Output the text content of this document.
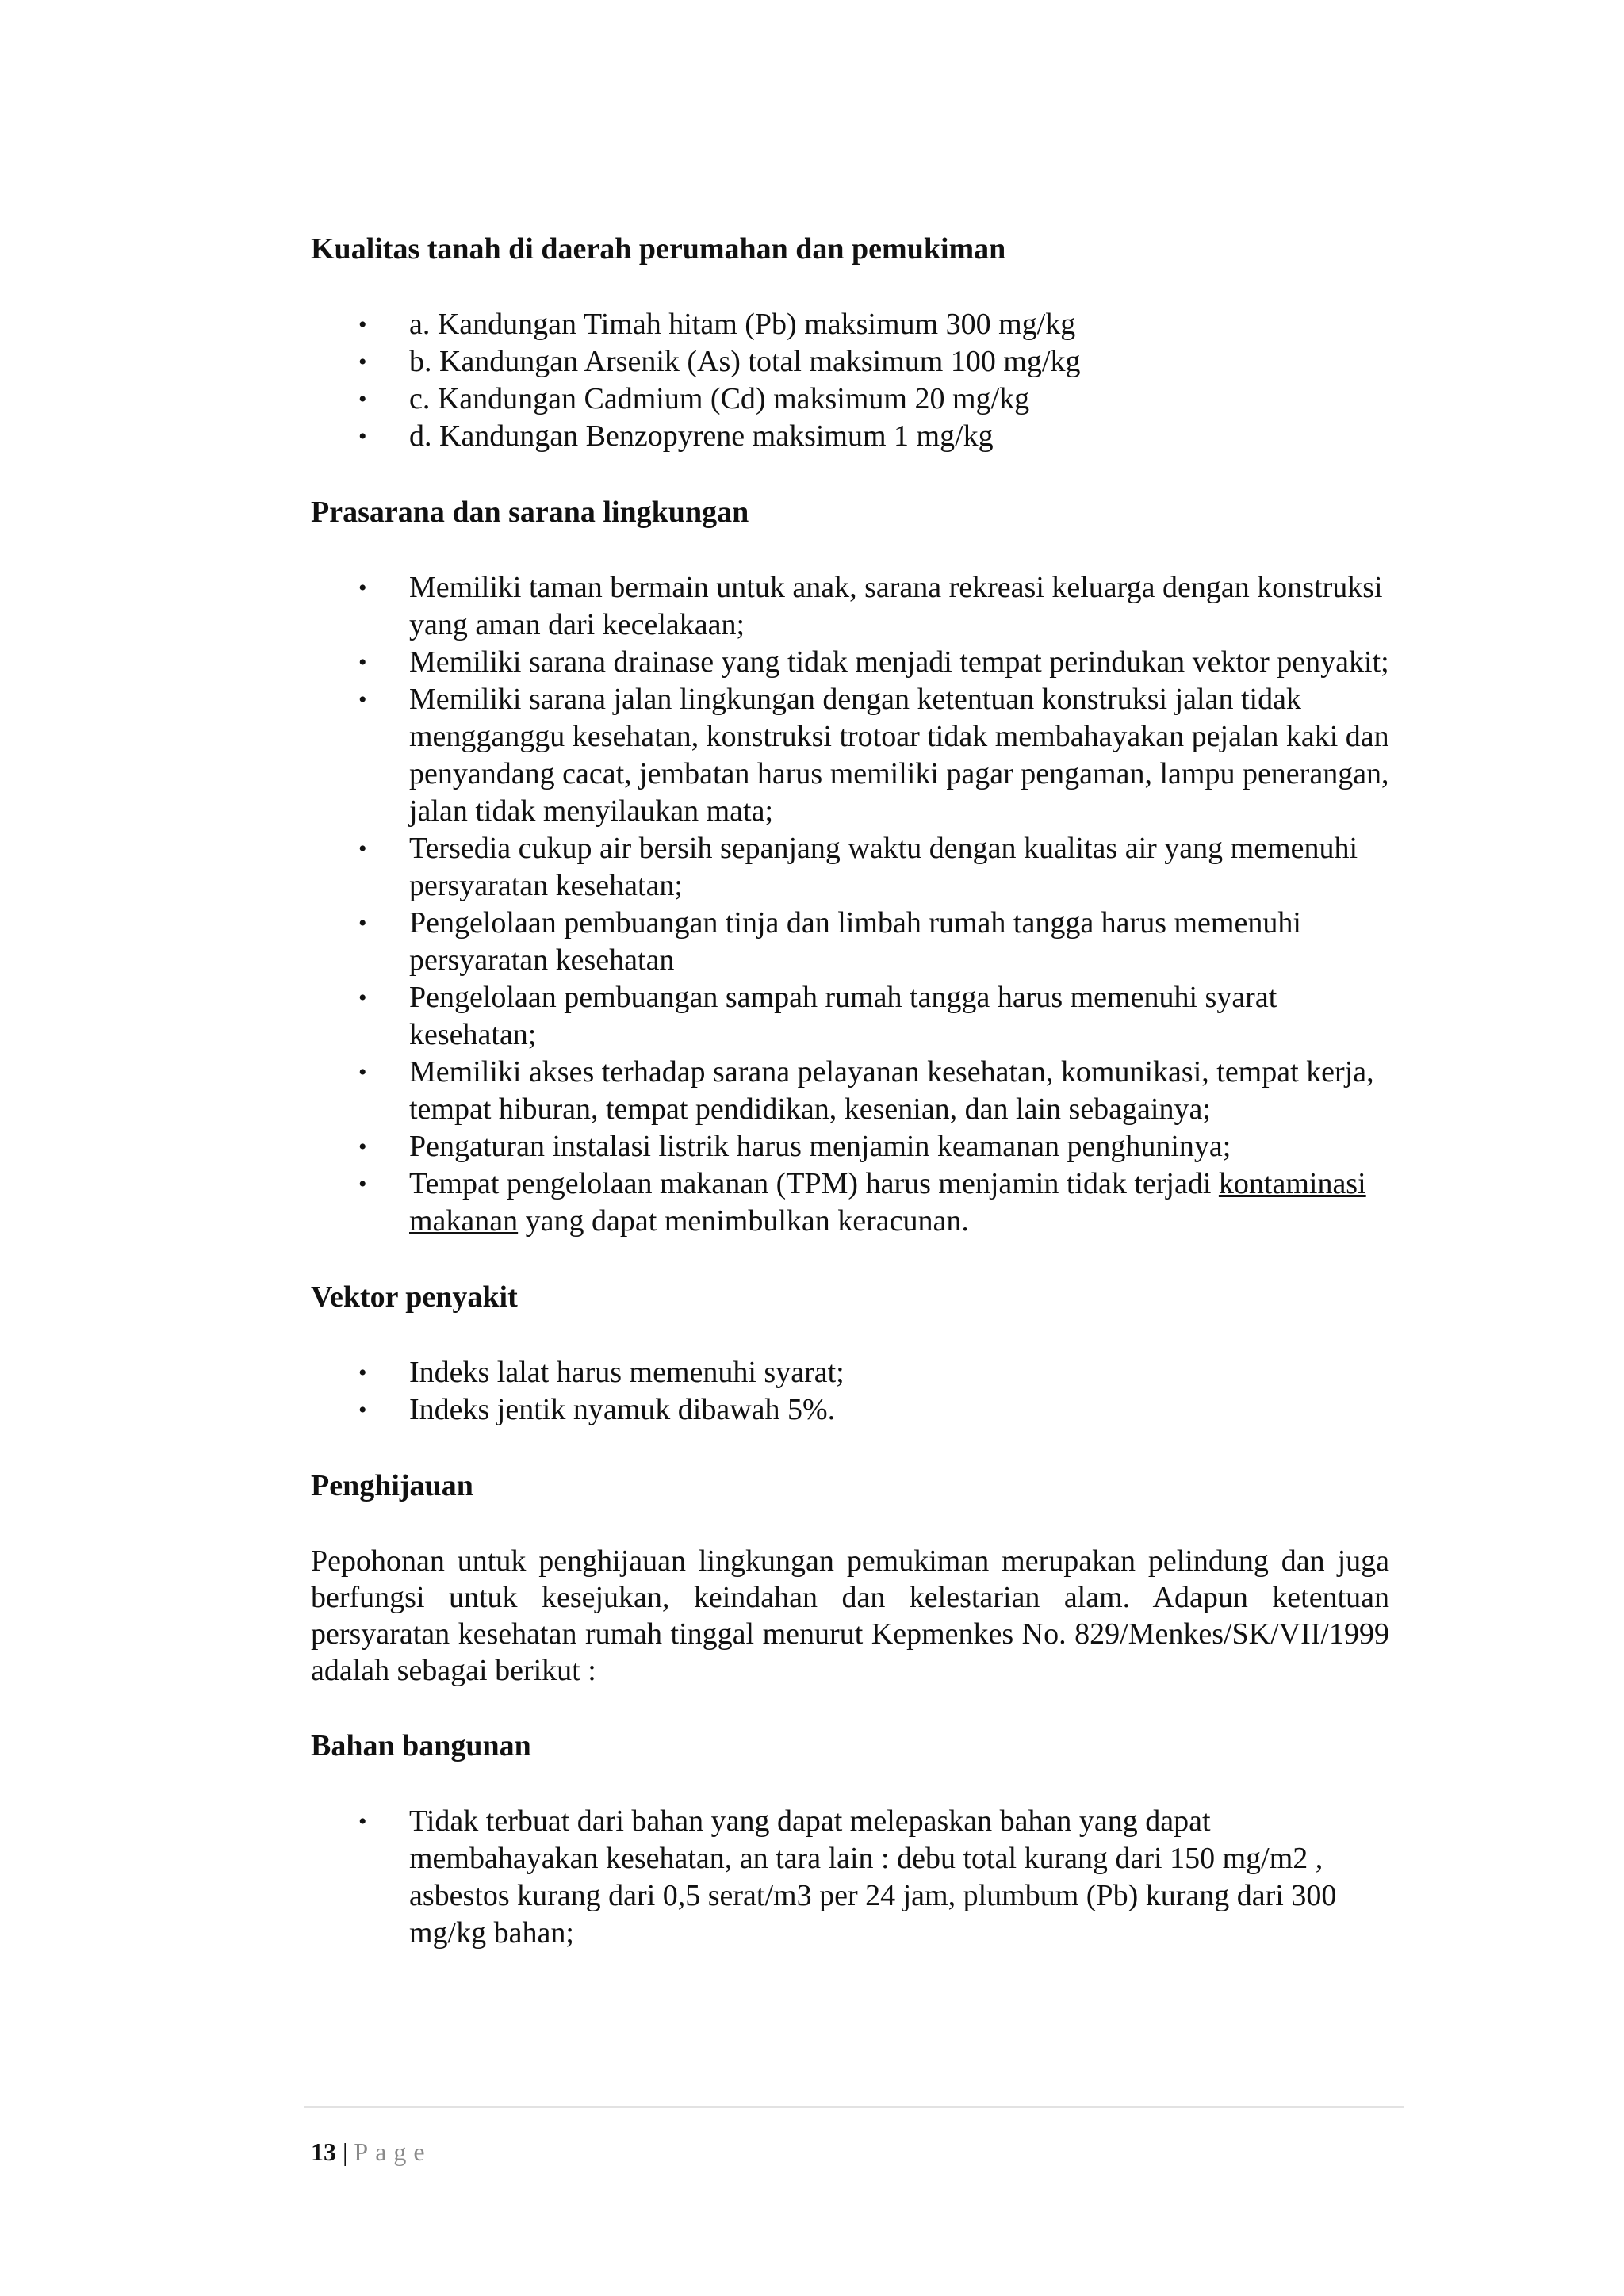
Kualitas tanah di daerah perumahan dan pemukiman
• a. Kandungan Timah hitam (Pb) maksimum 300 mg/kg
• b. Kandungan Arsenik (As) total maksimum 100 mg/kg
• c. Kandungan Cadmium (Cd) maksimum 20 mg/kg
• d. Kandungan Benzopyrene maksimum 1 mg/kg
Prasarana dan sarana lingkungan
• Memiliki taman bermain untuk anak, sarana rekreasi keluarga dengan konstruksi yang aman dari kecelakaan;
• Memiliki sarana drainase yang tidak menjadi tempat perindukan vektor penyakit;
• Memiliki sarana jalan lingkungan dengan ketentuan konstruksi jalan tidak mengganggu kesehatan, konstruksi trotoar tidak membahayakan pejalan kaki dan penyandang cacat, jembatan harus memiliki pagar pengaman, lampu penerangan, jalan tidak menyilaukan mata;
• Tersedia cukup air bersih sepanjang waktu dengan kualitas air yang memenuhi persyaratan kesehatan;
• Pengelolaan pembuangan tinja dan limbah rumah tangga harus memenuhi persyaratan kesehatan
• Pengelolaan pembuangan sampah rumah tangga harus memenuhi syarat kesehatan;
• Memiliki akses terhadap sarana pelayanan kesehatan, komunikasi, tempat kerja, tempat hiburan, tempat pendidikan, kesenian, dan lain sebagainya;
• Pengaturan instalasi listrik harus menjamin keamanan penghuninya;
• Tempat pengelolaan makanan (TPM) harus menjamin tidak terjadi kontaminasi makanan yang dapat menimbulkan keracunan.
Vektor penyakit
• Indeks lalat harus memenuhi syarat;
• Indeks jentik nyamuk dibawah 5%.
Penghijauan

Pepohonan untuk penghijauan lingkungan pemukiman merupakan pelindung dan juga berfungsi untuk kesejukan, keindahan dan kelestarian alam. Adapun ketentuan persyaratan kesehatan rumah tinggal menurut Kepmenkes No. 829/Menkes/SK/VII/1999 adalah sebagai berikut :

Bahan bangunan
• Tidak terbuat dari bahan yang dapat melepaskan bahan yang dapat membahayakan kesehatan, an tara lain : debu total kurang dari 150 mg/m2 , asbestos kurang dari 0,5 serat/m3 per 24 jam, plumbum (Pb) kurang dari 300 mg/kg bahan;
13 | Page
